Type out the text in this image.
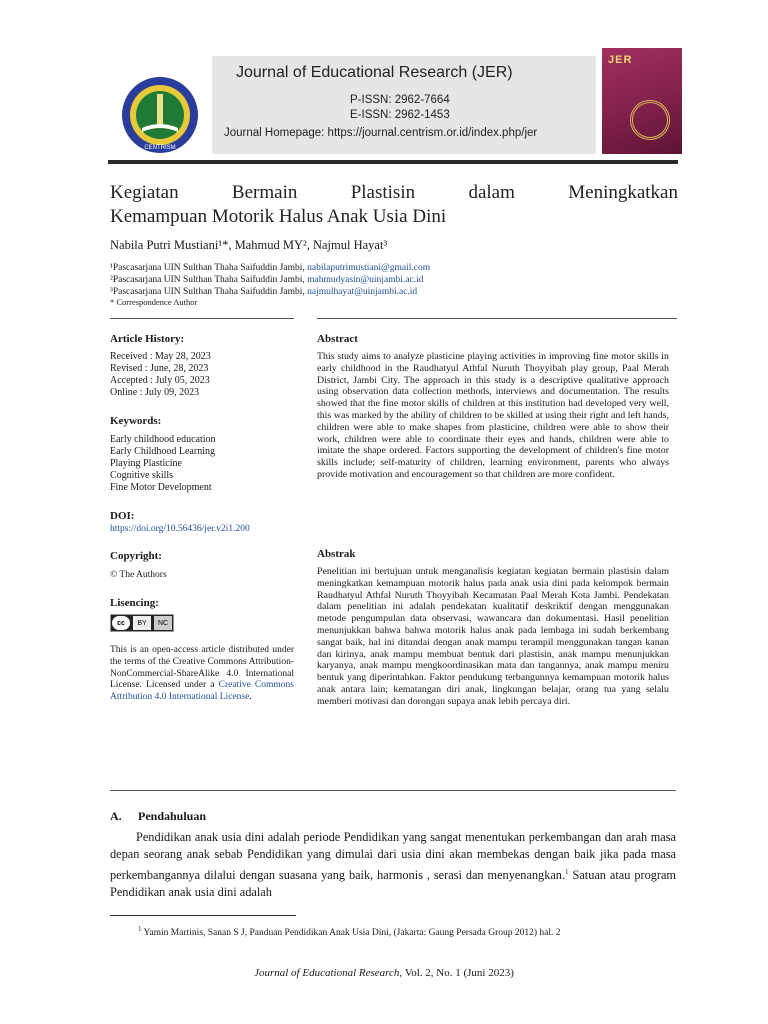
CENTRISM
Journal of Educational Research (JER)
P-ISSN: 2962-7664
E-ISSN: 2962-1453
Journal Homepage: https://journal.centrism.or.id/index.php/jer
JER
Kegiatan Bermain Plastisin dalam Meningkatkan
Kemampuan Motorik Halus Anak Usia Dini
Nabila Putri Mustiani¹*, Mahmud MY², Najmul Hayat³
¹Pascasarjana UIN Sulthan Thaha Saifuddin Jambi, nabilaputrimustiani@gmail.com
²Pascasarjana UIN Sulthan Thaha Saifuddin Jambi, mahmudyasin@uinjambi.ac.id
³Pascasarjana UIN Sulthan Thaha Saifuddin Jambi, najmulhayat@uinjambi.ac.id
* Correspondence Author
Article History:
Received : May 28, 2023
Revised : June, 28, 2023
Accepted : July 05, 2023
Online : July 09, 2023
Keywords:
Early childhood education
Early Childhood Learning
Playing Plasticine
Cognitive skills
Fine Motor Development
DOI:
https://doi.org/10.56436/jer.v2i1.200
Copyright:
© The Authors
Lisencing:
cc	BY	NC
This is an open-access article distributed under the terms of the Creative Commons Attribution-NonCommercial-ShareAlike 4.0 International License. Licensed under a Creative Commons Attribution 4.0 International License.
Abstract

This study aims to analyze plasticine playing activities in improving fine motor skills in early childhood in the Raudhatyul Athfal Nuruth Thoyyibah play group, Paal Merah District, Jambi City. The approach in this study is a descriptive qualitative approach using observation data collection methods, interviews and documentation. The results showed that the fine motor skills of children at this institution had developed very well, this was marked by the ability of children to be skilled at using their right and left hands, children were able to make shapes from plasticine, children were able to show their work, children were able to coordinate their eyes and hands, children were able to imitate the shape ordered. Factors supporting the development of children's fine motor skills include; self-maturity of children, learning environment, parents who always provide motivation and encouragement so that children are more confident.

Abstrak

Penelitian ini bertujuan untuk menganalisis kegiatan kegiatan bermain plastisin dalam meningkatkan kemampuan motorik halus pada anak usia dini pada kelompok bermain Raudhatyul Athfal Nuruth Thoyyibah Kecamatan Paal Merah Kota Jambi. Pendekatan dalam penelitian ini adalah pendekatan kualitatif deskriktif dengan menggunakan metode pengumpulan data observasi, wawancara dan dokumentasi. Hasil penelitian menunjukkan bahwa bahwa motorik halus anak pada lembaga ini sudah berkembang sangat baik, hal ini ditandai dengan anak mampu terampil menggunakan tangan kanan dan kirinya, anak mampu membuat bentuk dari plastisin, anak mampu menunjukkan karyanya, anak mampu mengkoordinasikan mata dan tangannya, anak mampu meniru bentuk yang diperintahkan. Faktor pendukung terbangunnya kemampuan motorik halus anak antara lain; kematangan diri anak, lingkungan belajar, orang tua yang selalu memberi motivasi dan dorongan supaya anak lebih percaya diri.

A. Pendahuluan
Pendidikan anak usia dini adalah periode Pendidikan yang sangat menentukan perkembangan dan arah masa depan seorang anak sebab Pendidikan yang dimulai dari usia dini akan membekas dengan baik jika pada masa perkembangannya dilalui dengan suasana yang baik, harmonis , serasi dan menyenangkan.$^1$ Satuan atau program Pendidikan anak usia dini adalah
$^1$ Yamin Martinis, Sanan S J, Panduan Pendidikan Anak Usia Dini, (Jakarta: Gaung Persada Group 2012) hal. 2
Journal of Educational Research, Vol. 2, No. 1 (Juni 2023)
